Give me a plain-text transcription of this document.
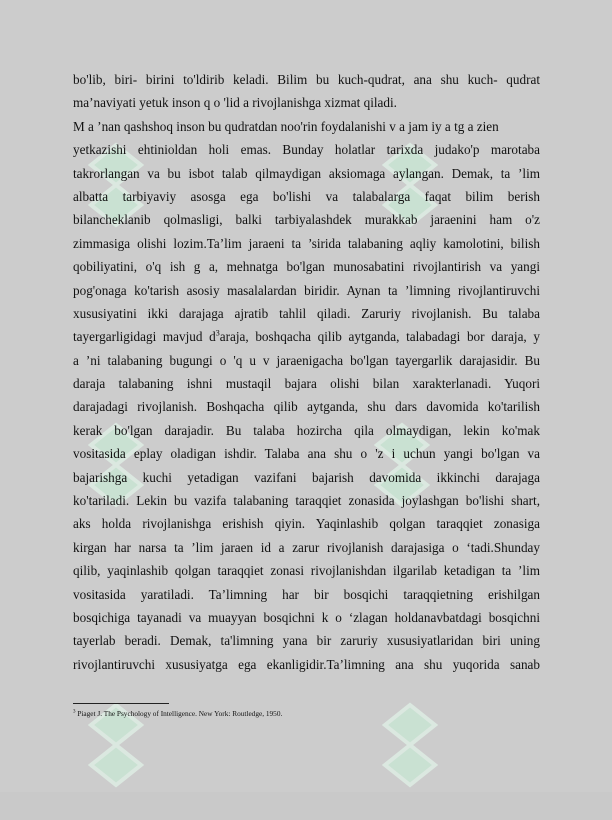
bo'lib, biri- birini to'ldirib keladi. Bilim bu kuch-qudrat, ana shu kuch- qudrat
ma’naviyati yetuk inson q o 'lid a rivojlanishga xizmat qiladi.
M a ’nan qashshoq inson bu qudratdan noo'rin foydalanishi v a jam iy a tg a zien
yetkazishi ehtinioldan holi emas. Bunday holatlar tarixda judako'p marotaba
takrorlangan va bu isbot talab qilmaydigan aksiomaga aylangan. Demak, ta ’lim
albatta tarbiyaviy asosga ega bo'lishi va talabalarga faqat bilim berish
bilancheklanib qolmasligi, balki tarbiyalashdek murakkab jaraenini ham o'z
zimmasiga olishi lozim.Ta’lim jaraeni ta ’sirida talabaning aqliy kamolotini, bilish
qobiliyatini, o'q ish g a, mehnatga bo'lgan munosabatini rivojlantirish va yangi
pog'onaga ko'tarish asosiy masalalardan biridir. Aynan ta ’limning rivojlantiruvchi
xususiyatini ikki darajaga ajratib tahlil qiladi. Zaruriy rivojlanish. Bu talaba
tayergarligidagi mavjud $d^3araja$, boshqacha qilib aytganda, talabadagi bor daraja, y
a ’ni talabaning bugungi o 'q u v jaraenigacha bo'lgan tayergarlik darajasidir. Bu
daraja talabaning ishni mustaqil bajara olishi bilan xarakterlanadi. Yuqori
darajadagi rivojlanish. Boshqacha qilib aytganda, shu dars davomida ko'tarilish
kerak bo'lgan darajadir. Bu talaba hozircha qila olmaydigan, lekin ko'mak
vositasida eplay oladigan ishdir. Talaba ana shu o 'z i uchun yangi bo'lgan va
bajarishga kuchi yetadigan vazifani bajarish davomida ikkinchi darajaga
ko'tariladi. Lekin bu vazifa talabaning taraqqiet zonasida joylashgan bo'lishi shart,
aks holda rivojlanishga erishish qiyin. Yaqinlashib qolgan taraqqiet zonasiga
kirgan har narsa ta ’lim jaraen id a zarur rivojlanish darajasiga o ‘tadi.Shunday
qilib, yaqinlashib qolgan taraqqiet zonasi rivojlanishdan ilgarilab ketadigan ta ’lim
vositasida yaratiladi. Ta’limning har bir bosqichi taraqqietning erishilgan
bosqichiga tayanadi va muayyan bosqichni k o ‘zlagan holdanavbatdagi bosqichni
tayerlab beradi. Demak, ta'limning yana bir zaruriy xususiyatlaridan biri uning
rivojlantiruvchi xususiyatga ega ekanligidir.Ta’limning ana shu yuqorida sanab
$^3$ Piaget J. The Psychology of Intelligence. New York: Routledge, 1950.
